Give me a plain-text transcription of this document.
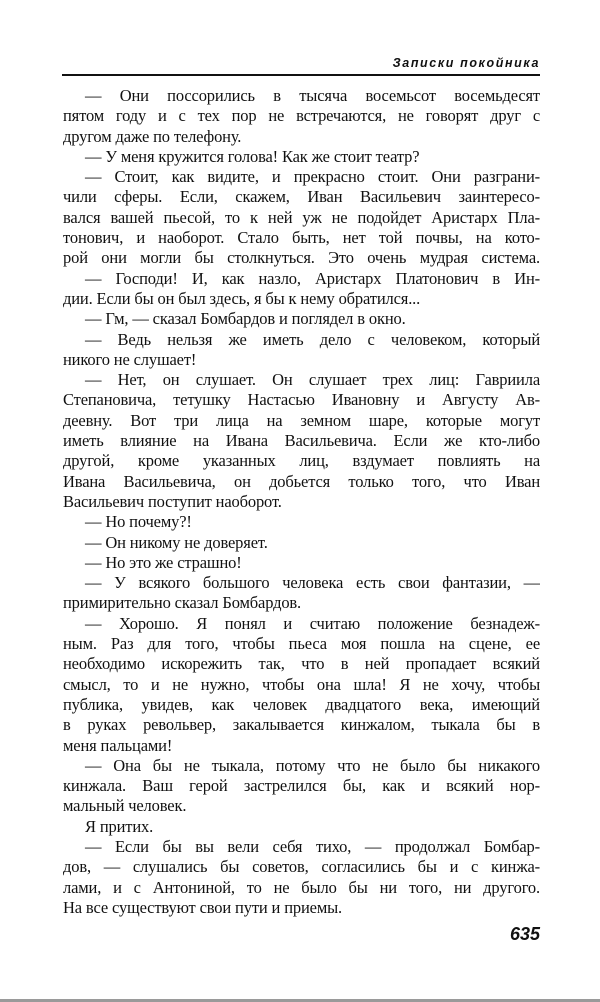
Записки покойника
— Они поссорились в тысяча восемьсот восемьдесят
пятом году и с тех пор не встречаются, не говорят друг с
другом даже по телефону.
— У меня кружится голова! Как же стоит театр?
— Стоит, как видите, и прекрасно стоит. Они разграни-
чили сферы. Если, скажем, Иван Васильевич заинтересо-
вался вашей пьесой, то к ней уж не подойдет Аристарх Пла-
тонович, и наоборот. Стало быть, нет той почвы, на кото-
рой они могли бы столкнуться. Это очень мудрая система.
— Господи! И, как назло, Аристарх Платонович в Ин-
дии. Если бы он был здесь, я бы к нему обратился...
— Гм, — сказал Бомбардов и поглядел в окно.
— Ведь нельзя же иметь дело с человеком, который
никого не слушает!
— Нет, он слушает. Он слушает трех лиц: Гавриила
Степановича, тетушку Настасью Ивановну и Августу Ав-
деевну. Вот три лица на земном шаре, которые могут
иметь влияние на Ивана Васильевича. Если же кто-либо
другой, кроме указанных лиц, вздумает повлиять на
Ивана Васильевича, он добьется только того, что Иван
Васильевич поступит наоборот.
— Но почему?!
— Он никому не доверяет.
— Но это же страшно!
— У всякого большого человека есть свои фантазии, —
примирительно сказал Бомбардов.
— Хорошо. Я понял и считаю положение безнадеж-
ным. Раз для того, чтобы пьеса моя пошла на сцене, ее
необходимо искорежить так, что в ней пропадает всякий
смысл, то и не нужно, чтобы она шла! Я не хочу, чтобы
публика, увидев, как человек двадцатого века, имеющий
в руках револьвер, закалывается кинжалом, тыкала бы в
меня пальцами!
— Она бы не тыкала, потому что не было бы никакого
кинжала. Ваш герой застрелился бы, как и всякий нор-
мальный человек.
Я притих.
— Если бы вы вели себя тихо, — продолжал Бомбар-
дов, — слушались бы советов, согласились бы и с кинжа-
лами, и с Антониной, то не было бы ни того, ни другого.
На все существуют свои пути и приемы.
635
